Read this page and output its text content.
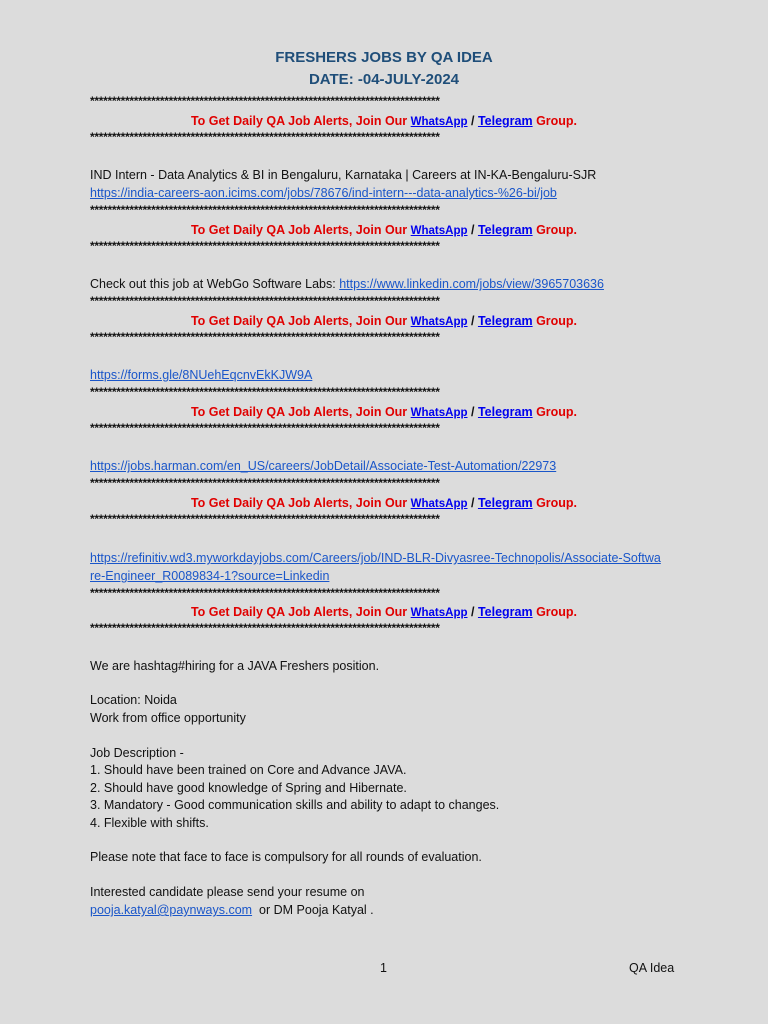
FRESHERS JOBS BY QA IDEA
DATE: -04-JULY-2024
********************************************************************************
To Get Daily QA Job Alerts, Join Our WhatsApp / Telegram Group.
********************************************************************************
IND Intern - Data Analytics & BI in Bengaluru, Karnataka | Careers at IN-KA-Bengaluru-SJR
https://india-careers-aon.icims.com/jobs/78676/ind-intern---data-analytics-%26-bi/job
********************************************************************************
To Get Daily QA Job Alerts, Join Our WhatsApp / Telegram Group.
********************************************************************************
Check out this job at WebGo Software Labs: https://www.linkedin.com/jobs/view/3965703636
********************************************************************************
To Get Daily QA Job Alerts, Join Our WhatsApp / Telegram Group.
********************************************************************************
https://forms.gle/8NUehEqcnvEkKJW9A
********************************************************************************
To Get Daily QA Job Alerts, Join Our WhatsApp / Telegram Group.
********************************************************************************
https://jobs.harman.com/en_US/careers/JobDetail/Associate-Test-Automation/22973
********************************************************************************
To Get Daily QA Job Alerts, Join Our WhatsApp / Telegram Group.
********************************************************************************
https://refinitiv.wd3.myworkdayjobs.com/Careers/job/IND-BLR-Divyasree-Technopolis/Associate-Softwa
re-Engineer_R0089834-1?source=Linkedin
********************************************************************************
To Get Daily QA Job Alerts, Join Our WhatsApp / Telegram Group.
********************************************************************************
We are hashtag#hiring for a JAVA Freshers position.
Location: Noida
Work from office opportunity
Job Description -
1. Should have been trained on Core and Advance JAVA.
2. Should have good knowledge of Spring and Hibernate.
3. Mandatory - Good communication skills and ability to adapt to changes.
4. Flexible with shifts.
Please note that face to face is compulsory for all rounds of evaluation.
Interested candidate please send your resume on
pooja.katyal@paynways.com  or DM Pooja Katyal .
1	QA Idea
